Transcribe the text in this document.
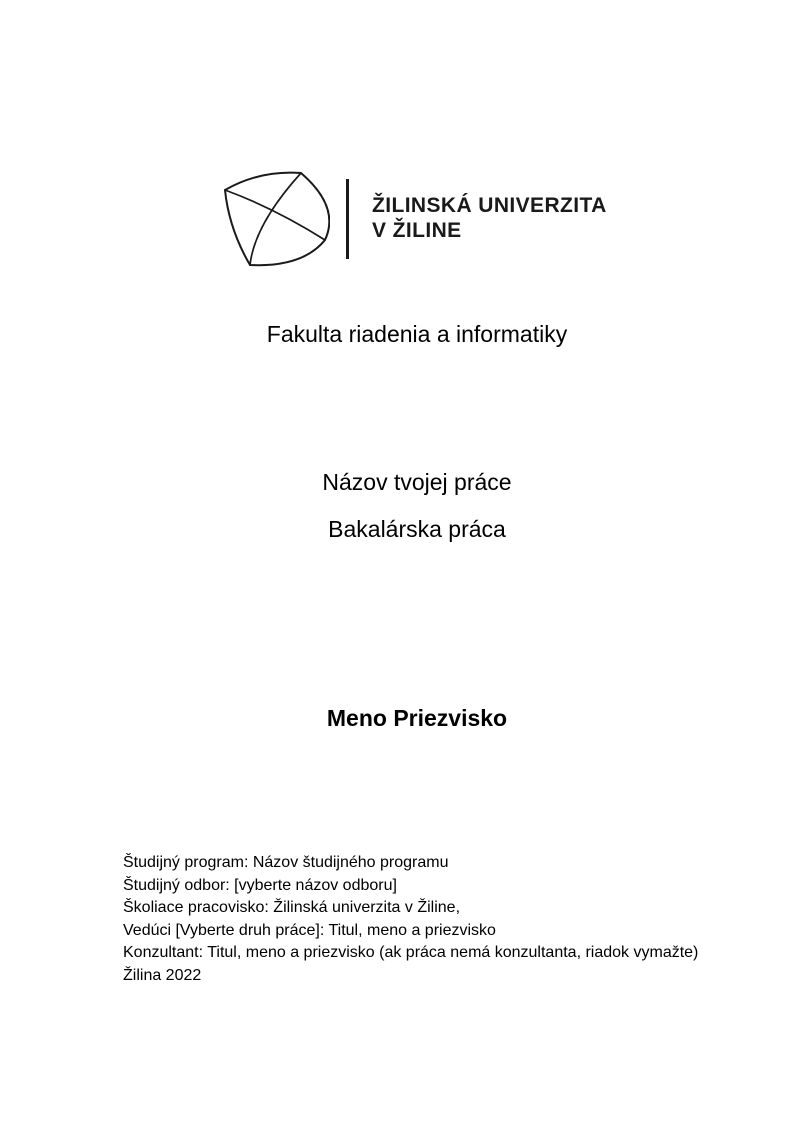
ŽILINSKÁ UNIVERZITA
V ŽILINE
Fakulta riadenia a informatiky
Názov tvojej práce
Bakalárska práca
Meno Priezvisko
Študijný program: Názov študijného programu
Študijný odbor: [vyberte názov odboru]
Školiace pracovisko: Žilinská univerzita v Žiline,
Vedúci [Vyberte druh práce]: Titul, meno a priezvisko
Konzultant: Titul, meno a priezvisko (ak práca nemá konzultanta, riadok vymažte)
Žilina 2022
